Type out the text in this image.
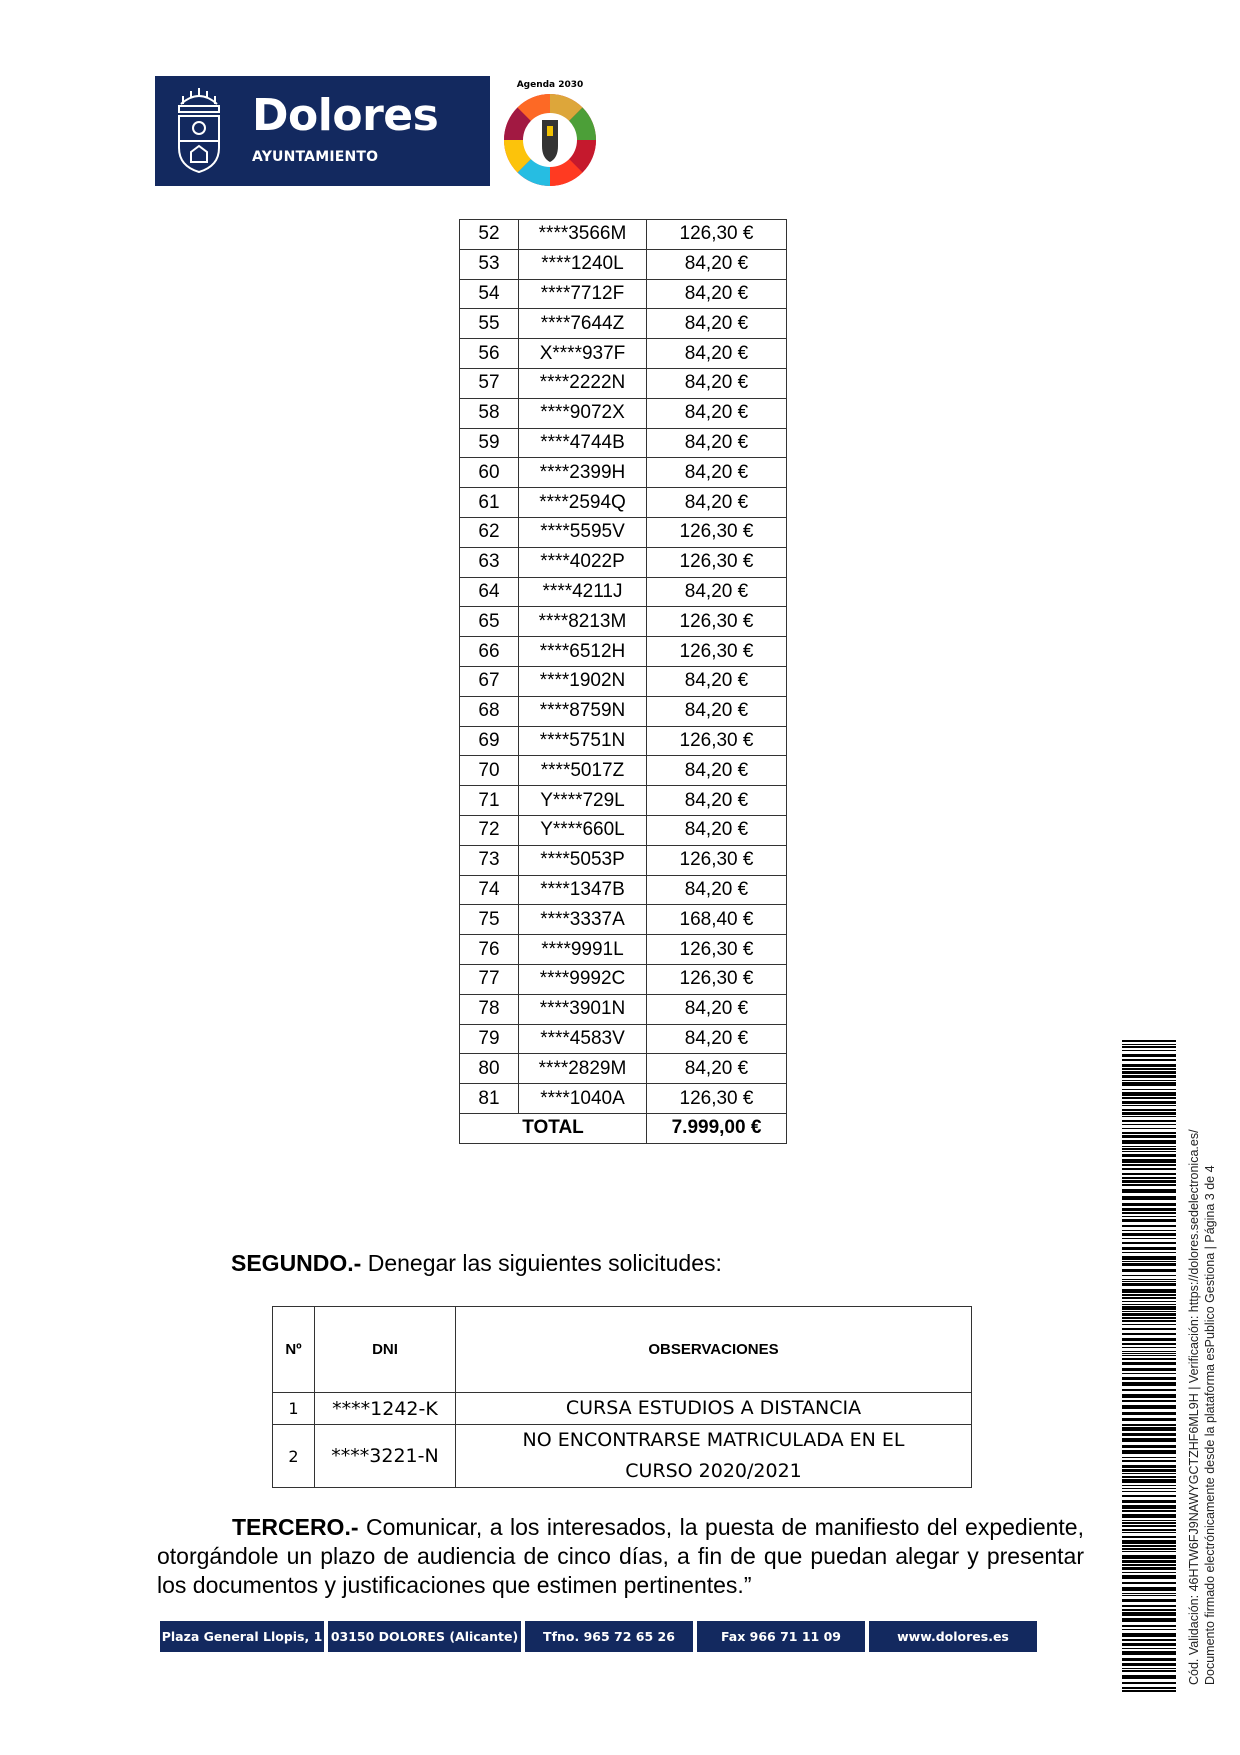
Dolores
AYUNTAMIENTO
Agenda 2030
52	****3566M	126,30 €
53	****1240L	84,20 €
54	****7712F	84,20 €
55	****7644Z	84,20 €
56	X****937F	84,20 €
57	****2222N	84,20 €
58	****9072X	84,20 €
59	****4744B	84,20 €
60	****2399H	84,20 €
61	****2594Q	84,20 €
62	****5595V	126,30 €
63	****4022P	126,30 €
64	****4211J	84,20 €
65	****8213M	126,30 €
66	****6512H	126,30 €
67	****1902N	84,20 €
68	****8759N	84,20 €
69	****5751N	126,30 €
70	****5017Z	84,20 €
71	Y****729L	84,20 €
72	Y****660L	84,20 €
73	****5053P	126,30 €
74	****1347B	84,20 €
75	****3337A	168,40 €
76	****9991L	126,30 €
77	****9992C	126,30 €
78	****3901N	84,20 €
79	****4583V	84,20 €
80	****2829M	84,20 €
81	****1040A	126,30 €
TOTAL		7.999,00 €
SEGUNDO.- Denegar las siguientes solicitudes:
Nº	DNI	OBSERVACIONES
1	****1242-K	CURSA ESTUDIOS A DISTANCIA
2	****3221-N	NO ENCONTRARSE MATRICULADA EN EL
CURSO 2020/2021
TERCERO.- Comunicar, a los interesados, la puesta de manifiesto del expediente, otorgándole un plazo de audiencia de cinco días, a fin de que puedan alegar y presentar los documentos y justificaciones que estimen pertinentes.”
Plaza General Llopis, 1 03150 DOLORES (Alicante)	Tfno. 965 72 65 26	Fax 966 71 11 09	www.dolores.es	Cód. Validación: 46HTW6FJ9NAWYGCTZHF6ML9H | Verificación: https://dolores.sedelectronica.es/ Documento firmado electrónicamente desde la plataforma esPublico Gestiona | Página 3 de 4
